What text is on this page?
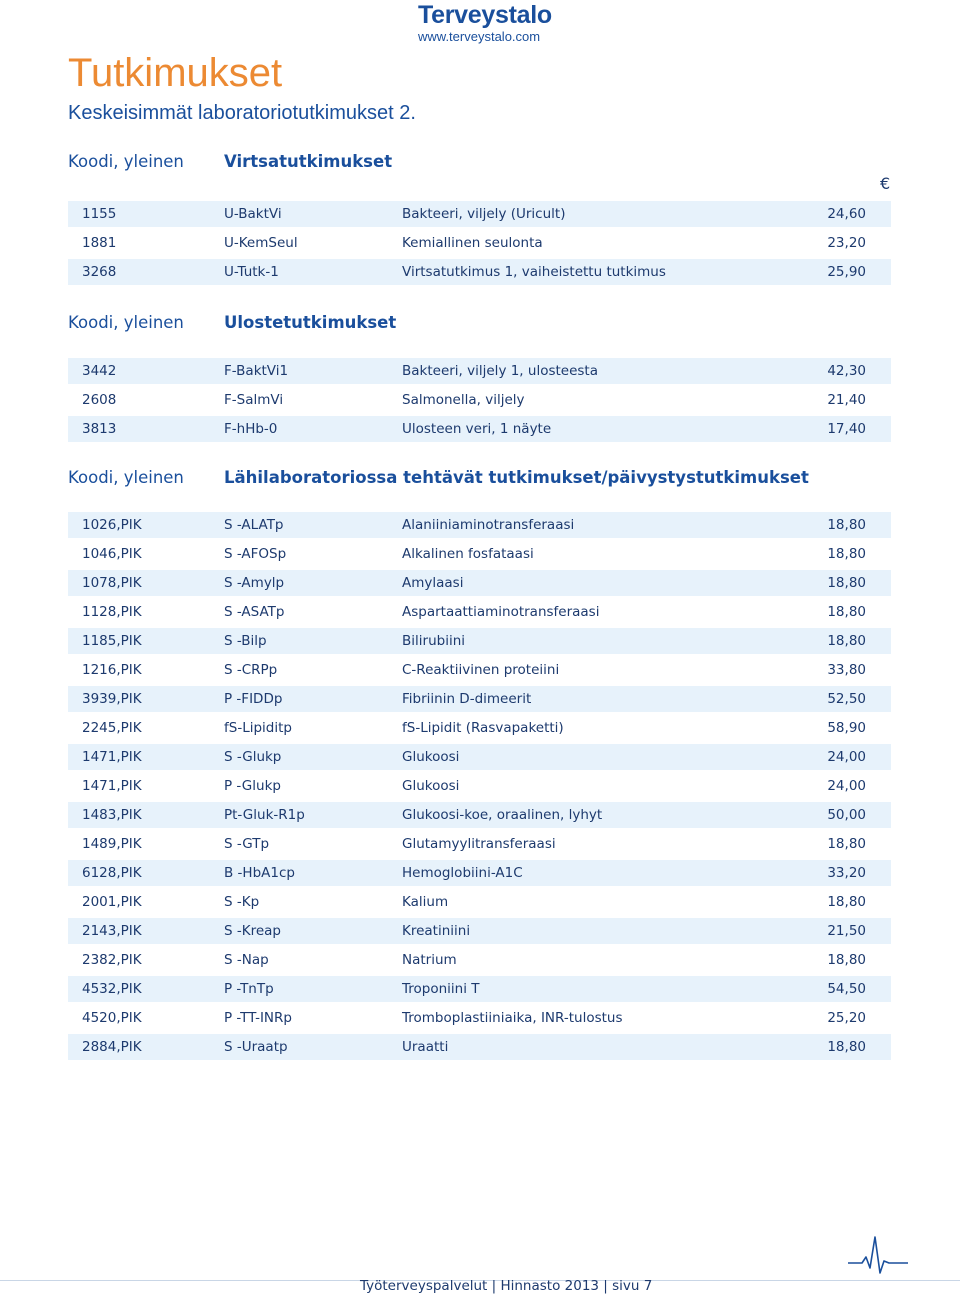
Terveystalo
www.terveystalo.com
Tutkimukset
Keskeisimmät laboratoriotutkimukset 2.
€
Koodi, yleinen Virtsatutkimukset
1155	U-BaktVi	Bakteeri, viljely (Uricult)	24,60
1881	U-KemSeul	Kemiallinen seulonta	23,20
3268	U-Tutk-1	Virtsatutkimus 1, vaiheistettu tutkimus	25,90
Koodi, yleinen Ulostetutkimukset
3442	F-BaktVi1	Bakteeri, viljely 1, ulosteesta	42,30
2608	F-SalmVi	Salmonella, viljely	21,40
3813	F-hHb-0	Ulosteen veri, 1 näyte	17,40
Koodi, yleinen Lähilaboratoriossa tehtävät tutkimukset/päivystystutkimukset
1026,PIK	S -ALATp	Alaniiniaminotransferaasi	18,80
1046,PIK	S -AFOSp	Alkalinen fosfataasi	18,80
1078,PIK	S -Amylp	Amylaasi	18,80
1128,PIK	S -ASATp	Aspartaattiaminotransferaasi	18,80
1185,PIK	S -Bilp	Bilirubiini	18,80
1216,PIK	S -CRPp	C-Reaktiivinen proteiini	33,80
3939,PIK	P -FIDDp	Fibriinin D-dimeerit	52,50
2245,PIK	fS-Lipiditp	fS-Lipidit (Rasvapaketti)	58,90
1471,PIK	S -Glukp	Glukoosi	24,00
1471,PIK	P -Glukp	Glukoosi	24,00
1483,PIK	Pt-Gluk-R1p	Glukoosi-koe, oraalinen, lyhyt	50,00
1489,PIK	S -GTp	Glutamyylitransferaasi	18,80
6128,PIK	B -HbA1cp	Hemoglobiini-A1C	33,20
2001,PIK	S -Kp	Kalium	18,80
2143,PIK	S -Kreap	Kreatiniini	21,50
2382,PIK	S -Nap	Natrium	18,80
4532,PIK	P -TnTp	Troponiini T	54,50
4520,PIK	P -TT-INRp	Tromboplastiiniaika, INR-tulostus	25,20
2884,PIK	S -Uraatp	Uraatti	18,80
Työterveyspalvelut | Hinnasto 2013 | sivu 7
